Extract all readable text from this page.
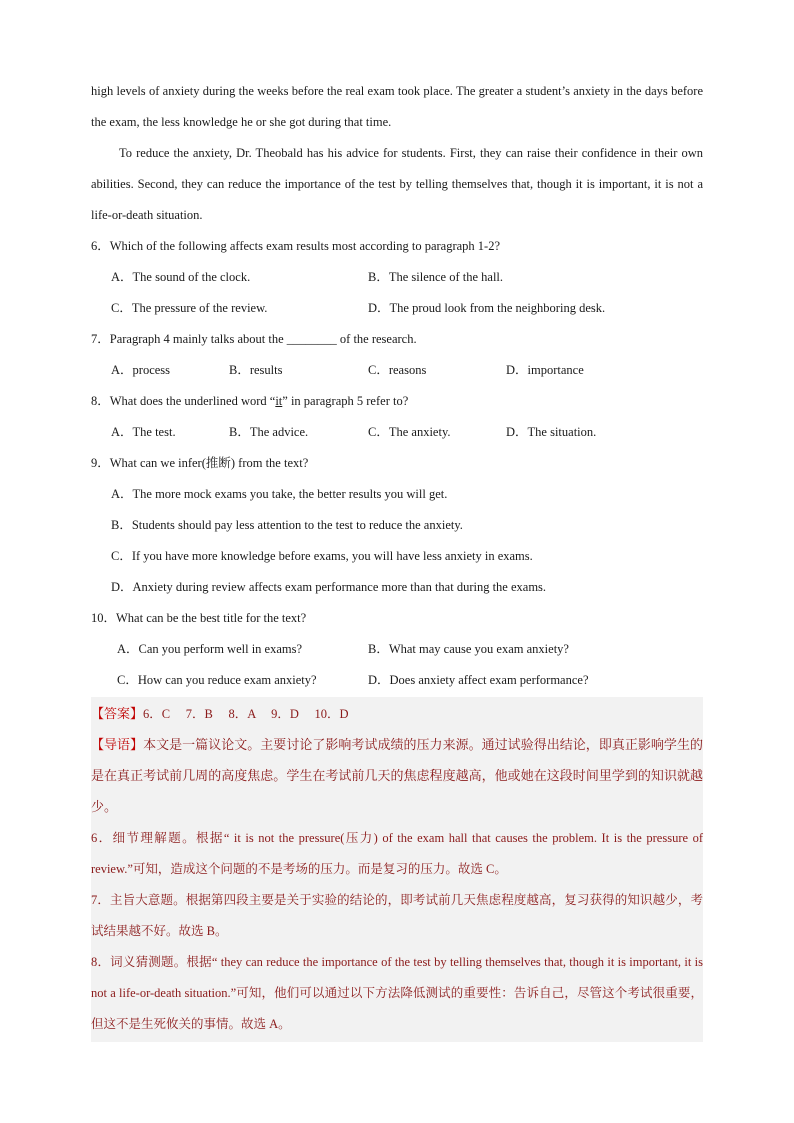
high levels of anxiety during the weeks before the real exam took place. The greater a student’s anxiety in the days before the exam, the less knowledge he or she got during that time.

To reduce the anxiety, Dr. Theobald has his advice for students. First, they can raise their confidence in their own abilities. Second, they can reduce the importance of the test by telling themselves that, though it is important, it is not a life-or-death situation.

6．Which of the following affects exam results most according to paragraph 1-2?

A．The sound of the clock.	B．The silence of the hall.
C．The pressure of the review.	D．The proud look from the neighboring desk.

7．Paragraph 4 mainly talks about the ________ of the research.

A．process	B．results	C．reasons	D．importance

8．What does the underlined word “it” in paragraph 5 refer to?

A．The test.	B．The advice.	C．The anxiety.	D．The situation.

9．What can we infer(推断) from the text?

A．The more mock exams you take, the better results you will get.

B．Students should pay less attention to the test to reduce the anxiety.

C．If you have more knowledge before exams, you will have less anxiety in exams.

D．Anxiety during review affects exam performance more than that during the exams.

10．What can be the best title for the text?

A．Can you perform well in exams?	B．What may cause you exam anxiety?
C．How can you reduce exam anxiety?	D．Does anxiety affect exam performance?

【答案】6．C     7．B     8．A     9．D     10．D

【导语】本文是一篇议论文。主要讨论了影响考试成绩的压力来源。通过试验得出结论，即真正影响学生的是在真正考试前几周的高度焦虑。学生在考试前几天的焦虑程度越高，他或她在这段时间里学到的知识就越少。

6．细节理解题。根据“ it is not the pressure(压力) of the exam hall that causes the problem. It is the pressure of review.”可知，造成这个问题的不是考场的压力。而是复习的压力。故选 C。

7．主旨大意题。根据第四段主要是关于实验的结论的，即考试前几天焦虑程度越高，复习获得的知识越少，考试结果越不好。故选 B。

8．词义猜测题。根据“ they can reduce the importance of the test by telling themselves that, though it is important, it is not a life-or-death situation.”可知，他们可以通过以下方法降低测试的重要性：告诉自己，尽管这个考试很重要，但这不是生死攸关的事情。故选 A。
